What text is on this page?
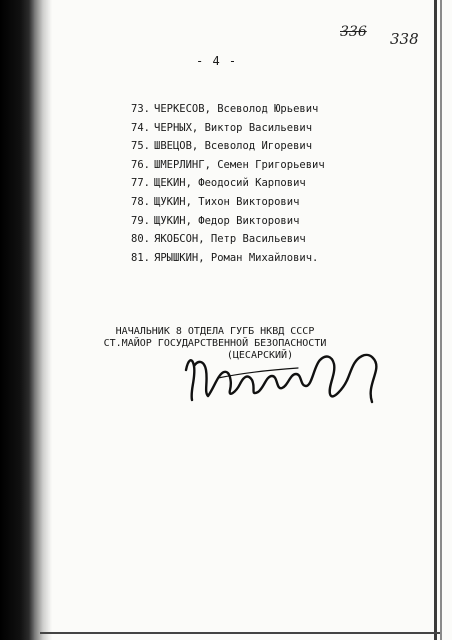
336 338
- 4 -
73. ЧЕРКЕСОВ, Всеволод Юрьевич
74. ЧЕРНЫХ, Виктор Васильевич
75. ШВЕЦОВ, Всеволод Игоревич
76. ШМЕРЛИНГ, Семен Григорьевич
77. ЩЕКИН, Феодосий Карпович
78. ЩУКИН, Тихон Викторович
79. ЩУКИН, Федор Викторович
80. ЯКОБСОН, Петр Васильевич
81. ЯРЫШКИН, Роман Михайлович.
НАЧАЛЬНИК 8 ОТДЕЛА ГУГБ НКВД СССР
СТ.МАЙОР ГОСУДАРСТВЕННОЙ БЕЗОПАСНОСТИ
(ЦЕСАРСКИЙ)
